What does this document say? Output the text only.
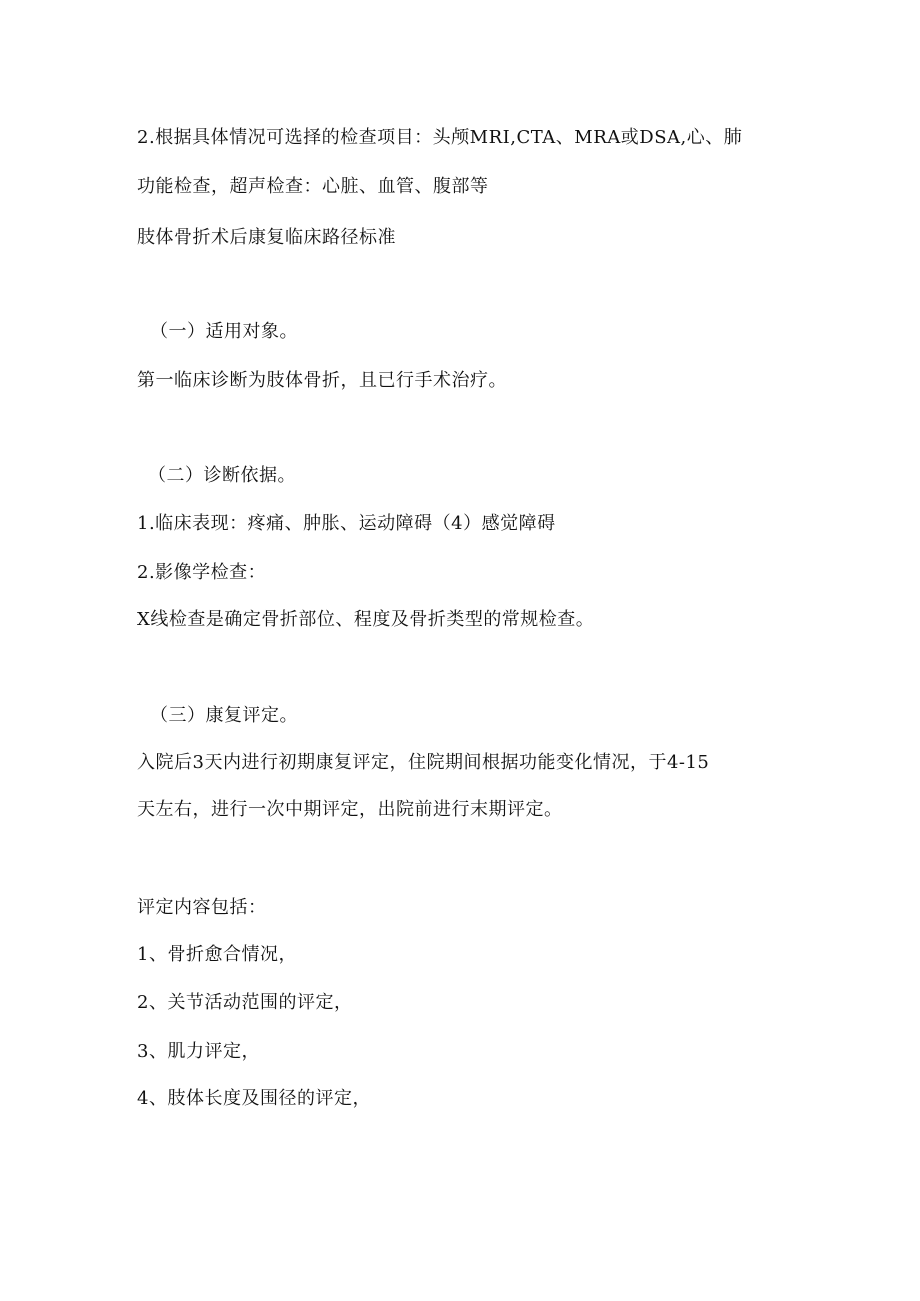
2.根据具体情况可选择的检查项目：头颅MRI,CTA、MRA或DSA,心、肺
功能检查，超声检查：心脏、血管、腹部等
肢体骨折术后康复临床路径标准
（一）适用对象。
第一临床诊断为肢体骨折，且已行手术治疗。
（二）诊断依据。
1.临床表现：疼痛、肿胀、运动障碍（4）感觉障碍
2.影像学检查：
X线检查是确定骨折部位、程度及骨折类型的常规检查。
（三）康复评定。
入院后3天内进行初期康复评定，住院期间根据功能变化情况，于4-15
天左右，进行一次中期评定，出院前进行末期评定。
评定内容包括：
1、骨折愈合情况，
2、关节活动范围的评定，
3、肌力评定，
4、肢体长度及围径的评定，
